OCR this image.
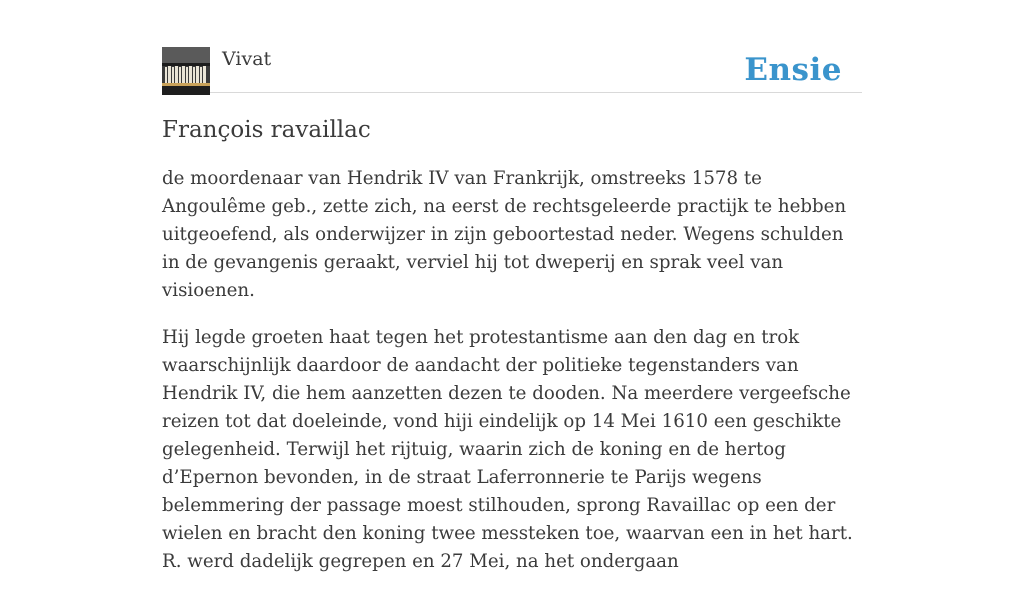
Vivat	Ensie
François ravaillac

de moordenaar van Hendrik IV van Frankrijk, omstreeks 1578 te Angoulême geb., zette zich, na eerst de rechtsgeleerde practijk te hebben uitgeoefend, als onderwijzer in zijn geboortestad neder. Wegens schulden in de gevangenis geraakt, verviel hij tot dweperij en sprak veel van visioenen.

Hij legde groeten haat tegen het protestantisme aan den dag en trok waarschijnlijk daardoor de aandacht der politieke tegenstanders van Hendrik IV, die hem aanzetten dezen te dooden. Na meerdere vergeefsche reizen tot dat doeleinde, vond hiji eindelijk op 14 Mei 1610 een geschikte gelegenheid. Terwijl het rijtuig, waarin zich de koning en de hertog d’Epernon bevonden, in de straat Laferronnerie te Parijs wegens belemmering der passage moest stilhouden, sprong Ravaillac op een der wielen en bracht den koning twee messteken toe, waarvan een in het hart. R. werd dadelijk gegrepen en 27 Mei, na het ondergaan
